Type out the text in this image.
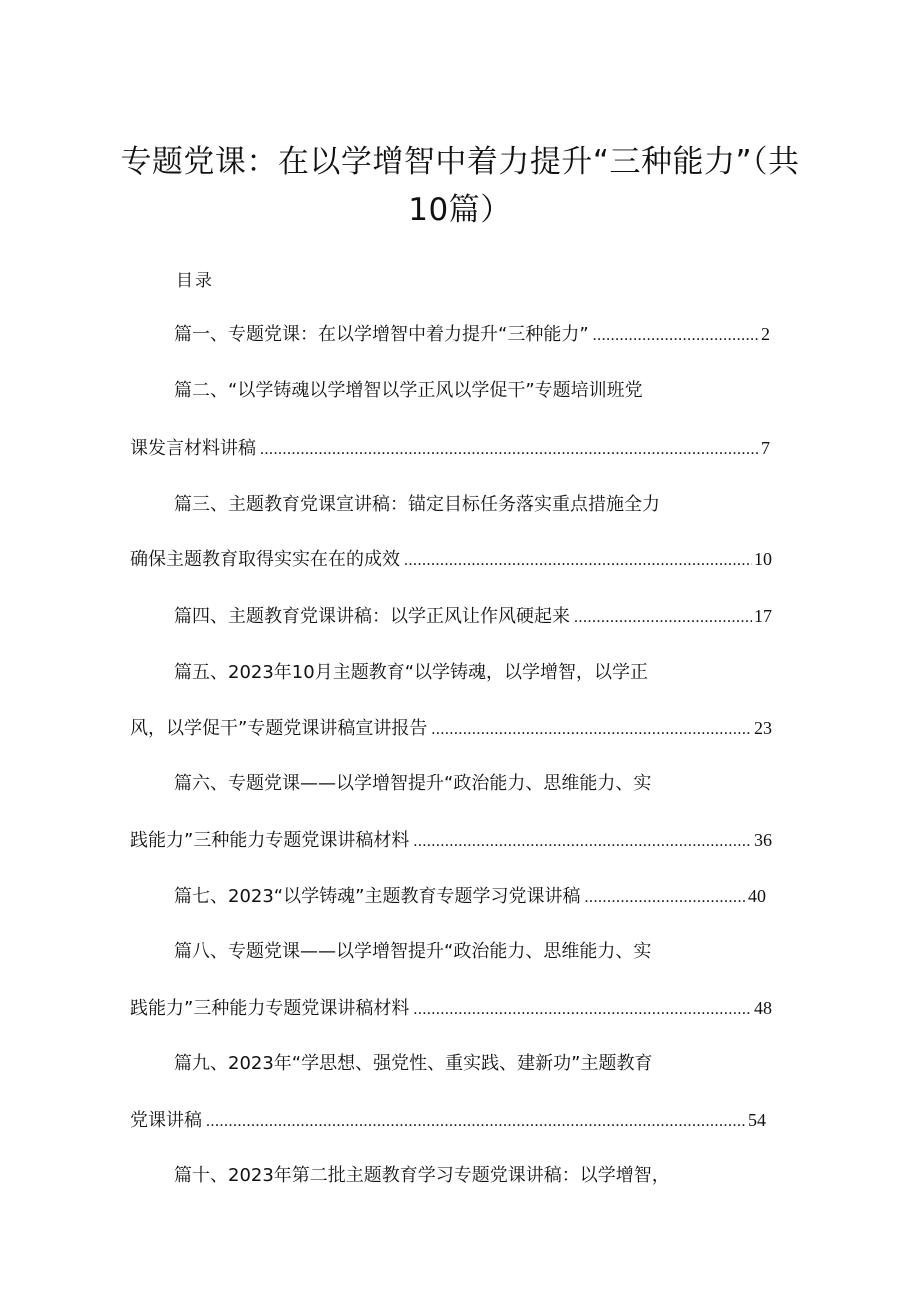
专题党课：在以学增智中着力提升“三种能力”（共10篇）
目录
篇一、专题党课：在以学增智中着力提升“三种能力” .....	2
篇二、“以学铸魂以学增智以学正风以学促干”专题培训班党
课发言材料讲稿 .....	7
篇三、主题教育党课宣讲稿：锚定目标任务落实重点措施全力
确保主题教育取得实实在在的成效 .....	10
篇四、主题教育党课讲稿：以学正风让作风硬起来 .....	17
篇五、2023年10月主题教育“以学铸魂，以学增智，以学正
风，以学促干”专题党课讲稿宣讲报告 .....	23
篇六、专题党课——以学增智提升“政治能力、思维能力、实
践能力”三种能力专题党课讲稿材料 .....	36
篇七、2023“以学铸魂”主题教育专题学习党课讲稿 .....	40
篇八、专题党课——以学增智提升“政治能力、思维能力、实
践能力”三种能力专题党课讲稿材料 .....	48
篇九、2023年“学思想、强党性、重实践、建新功”主题教育
党课讲稿 .....	54
篇十、2023年第二批主题教育学习专题党课讲稿：以学增智，
